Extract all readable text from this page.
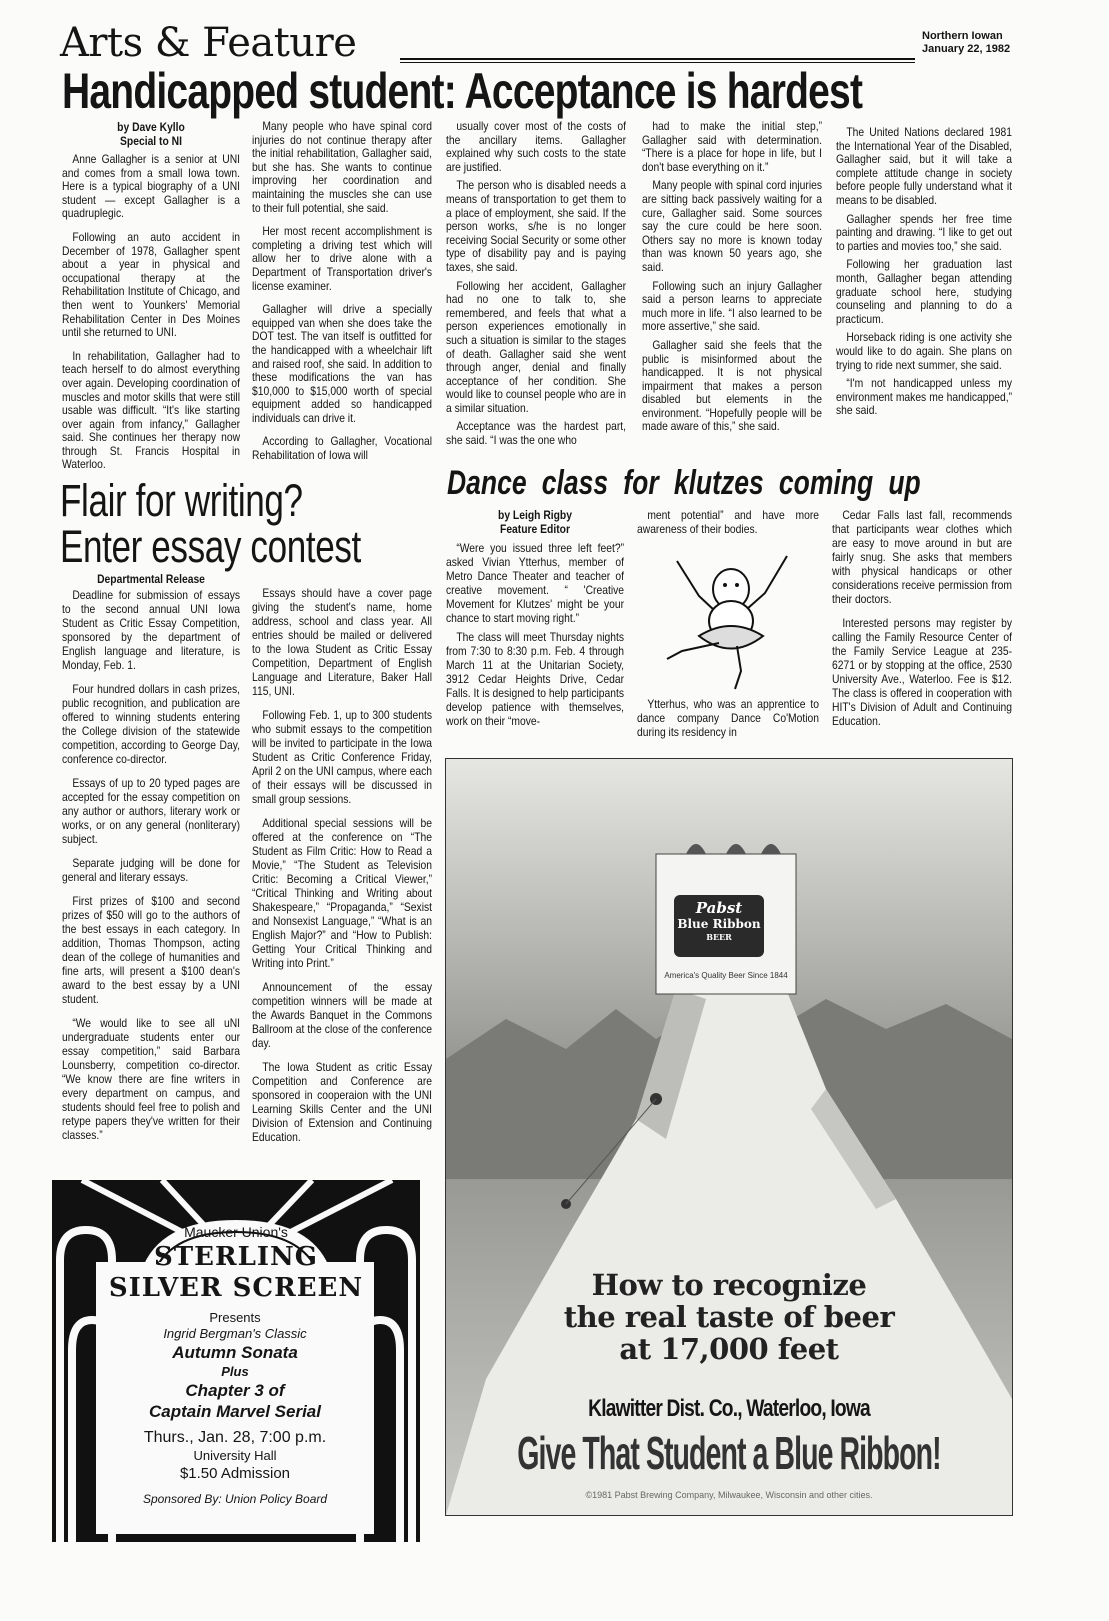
Arts & Feature	Northern Iowan
January 22, 1982
Handicapped student: Acceptance is hardest
by Dave Kyllo
Special to NI

Anne Gallagher is a senior at UNI and comes from a small Iowa town. Here is a typical biography of a UNI student — except Gallagher is a quadruplegic.

Following an auto accident in December of 1978, Gallagher spent about a year in physical and occupational therapy at the Rehabilitation Institute of Chicago, and then went to Younkers' Memorial Rehabilitation Center in Des Moines until she returned to UNI.

In rehabilitation, Gallagher had to teach herself to do almost everything over again. Developing coordination of muscles and motor skills that were still usable was difficult. “It's like starting over again from infancy,” Gallagher said. She continues her therapy now through St. Francis Hospital in Waterloo.

Many people who have spinal cord injuries do not continue therapy after the initial rehabilitation, Gallagher said, but she has. She wants to continue improving her coordination and maintaining the muscles she can use to their full potential, she said.

Her most recent accomplishment is completing a driving test which will allow her to drive alone with a Department of Transportation driver's license examiner.

Gallagher will drive a specially equipped van when she does take the DOT test. The van itself is outfitted for the handicapped with a wheelchair lift and raised roof, she said. In addition to these modifications the van has $10,000 to $15,000 worth of special equipment added so handicapped individuals can drive it.

According to Gallagher, Vocational Rehabilitation of Iowa will

usually cover most of the costs of the ancillary items. Gallagher explained why such costs to the state are justified.

The person who is disabled needs a means of transportation to get them to a place of employment, she said. If the person works, s/he is no longer receiving Social Security or some other type of disability pay and is paying taxes, she said.

Following her accident, Gallagher had no one to talk to, she remembered, and feels that what a person experiences emotionally in such a situation is similar to the stages of death. Gallagher said she went through anger, denial and finally acceptance of her condition. She would like to counsel people who are in a similar situation.

Acceptance was the hardest part, she said. “I was the one who

had to make the initial step,” Gallagher said with determination. “There is a place for hope in life, but I don't base everything on it.”

Many people with spinal cord injuries are sitting back passively waiting for a cure, Gallagher said. Some sources say the cure could be here soon. Others say no more is known today than was known 50 years ago, she said.

Following such an injury Gallagher said a person learns to appreciate much more in life. “I also learned to be more assertive,” she said.

Gallagher said she feels that the public is misinformed about the handicapped. It is not physical impairment that makes a person disabled but elements in the environment. “Hopefully people will be made aware of this,” she said.

The United Nations declared 1981 the International Year of the Disabled, Gallagher said, but it will take a complete attitude change in society before people fully understand what it means to be disabled.

Gallagher spends her free time painting and drawing. “I like to get out to parties and movies too,” she said.

Following her graduation last month, Gallagher began attending graduate school here, studying counseling and planning to do a practicum.

Horseback riding is one activity she would like to do again. She plans on trying to ride next summer, she said.

“I'm not handicapped unless my environment makes me handicapped,” she said.

Flair for writing?
Enter essay contest
Departmental Release

Deadline for submission of essays to the second annual UNI Iowa Student as Critic Essay Competition, sponsored by the department of English language and literature, is Monday, Feb. 1.

Four hundred dollars in cash prizes, public recognition, and publication are offered to winning students entering the College division of the statewide competition, according to George Day, conference co-director.

Essays of up to 20 typed pages are accepted for the essay competition on any author or authors, literary work or works, or on any general (nonliterary) subject.

Separate judging will be done for general and literary essays.

First prizes of $100 and second prizes of $50 will go to the authors of the best essays in each category. In addition, Thomas Thompson, acting dean of the college of humanities and fine arts, will present a $100 dean's award to the best essay by a UNI student.

“We would like to see all uNI undergraduate students enter our essay competition,” said Barbara Lounsberry, competition co-director. “We know there are fine writers in every department on campus, and students should feel free to polish and retype papers they've written for their classes.”

Essays should have a cover page giving the student's name, home address, school and class year. All entries should be mailed or delivered to the Iowa Student as Critic Essay Competition, Department of English Language and Literature, Baker Hall 115, UNI.

Following Feb. 1, up to 300 students who submit essays to the competition will be invited to participate in the Iowa Student as Critic Conference Friday, April 2 on the UNI campus, where each of their essays will be discussed in small group sessions.

Additional special sessions will be offered at the conference on “The Student as Film Critic: How to Read a Movie,” “The Student as Television Critic: Becoming a Critical Viewer,” “Critical Thinking and Writing about Shakespeare,” “Propaganda,” “Sexist and Nonsexist Language,” “What is an English Major?” and “How to Publish: Getting Your Critical Thinking and Writing into Print.”

Announcement of the essay competition winners will be made at the Awards Banquet in the Commons Ballroom at the close of the conference day.

The Iowa Student as critic Essay Competition and Conference are sponsored in cooperaion with the UNI Learning Skills Center and the UNI Division of Extension and Continuing Education.

Dance class for klutzes coming up
by Leigh Rigby
Feature Editor

“Were you issued three left feet?” asked Vivian Ytterhus, member of Metro Dance Theater and teacher of creative movement. “ 'Creative Movement for Klutzes' might be your chance to start moving right.”

The class will meet Thursday nights from 7:30 to 8:30 p.m. Feb. 4 through March 11 at the Unitarian Society, 3912 Cedar Heights Drive, Cedar Falls. It is designed to help participants develop patience with themselves, work on their “move-

ment potential” and have more awareness of their bodies.

Ytterhus, who was an apprentice to dance company Dance Co'Motion during its residency in

Cedar Falls last fall, recommends that participants wear clothes which are easy to move around in but are fairly snug. She asks that members with physical handicaps or other considerations receive permission from their doctors.

Interested persons may register by calling the Family Resource Center of the Family Service League at 235-6271 or by stopping at the office, 2530 University Ave., Waterloo. Fee is $12. The class is offered in cooperation with HIT's Division of Adult and Continuing Education.

Maucker Union's
STERLING
SILVER SCREEN
Presents
Ingrid Bergman's Classic
Autumn Sonata
Plus
Chapter 3 of
Captain Marvel Serial
Thurs., Jan. 28, 7:00 p.m.
University Hall
$1.50 Admission
Sponsored By: Union Policy Board
Pabst
Blue Ribbon
BEER
America's Quality Beer Since 1844
How to recognize
the real taste of beer
at 17,000 feet
Klawitter Dist. Co., Waterloo, Iowa
Give That Student a Blue Ribbon!
©1981 Pabst Brewing Company, Milwaukee, Wisconsin and other cities.
